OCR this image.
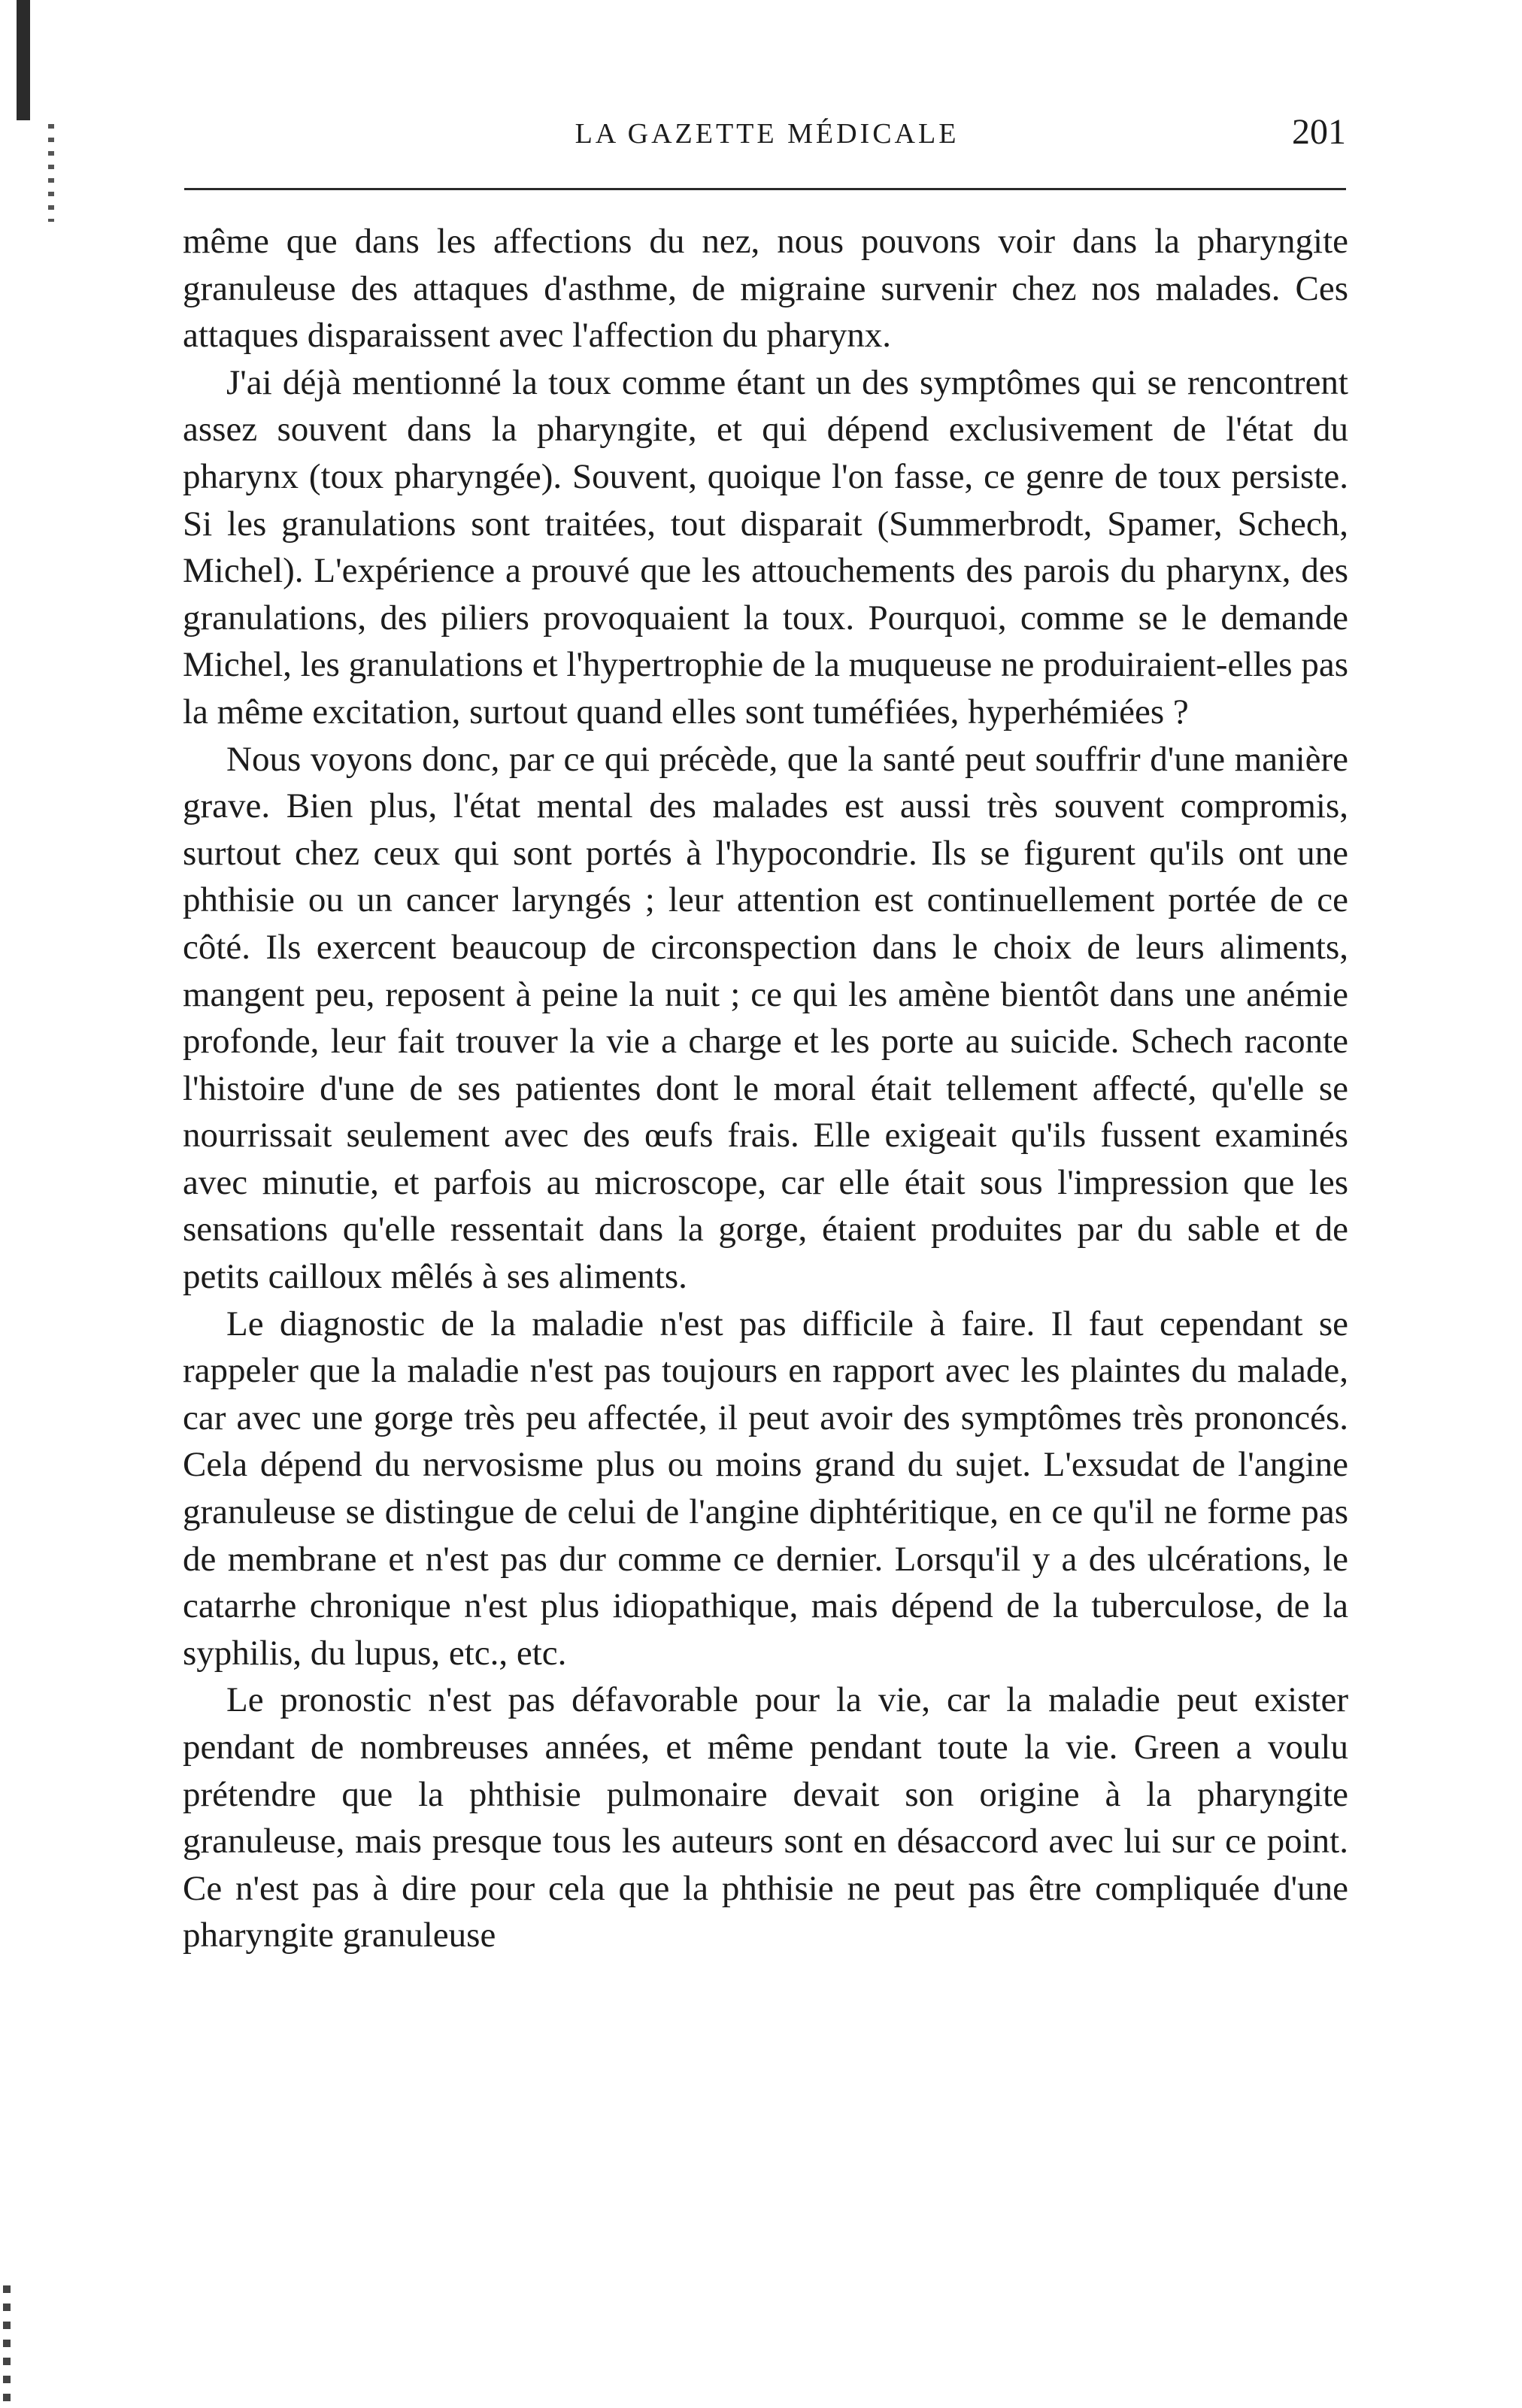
LA GAZETTE MÉDICALE	201

même que dans les affections du nez, nous pouvons voir dans la pharyngite granuleuse des attaques d'asthme, de migraine survenir chez nos malades. Ces attaques disparaissent avec l'affection du pharynx.

J'ai déjà mentionné la toux comme étant un des symptômes qui se rencontrent assez souvent dans la pharyngite, et qui dépend exclusivement de l'état du pharynx (toux pharyngée). Souvent, quoique l'on fasse, ce genre de toux persiste. Si les granulations sont traitées, tout disparait (Summerbrodt, Spamer, Schech, Michel). L'expérience a prouvé que les attouchements des parois du pharynx, des granulations, des piliers provoquaient la toux. Pourquoi, comme se le demande Michel, les granulations et l'hypertrophie de la muqueuse ne produiraient-elles pas la même excitation, surtout quand elles sont tuméfiées, hyperhémiées ?

Nous voyons donc, par ce qui précède, que la santé peut souffrir d'une manière grave. Bien plus, l'état mental des malades est aussi très souvent compromis, surtout chez ceux qui sont portés à l'hypocondrie. Ils se figurent qu'ils ont une phthisie ou un cancer laryngés ; leur attention est continuellement portée de ce côté. Ils exercent beaucoup de circonspection dans le choix de leurs aliments, mangent peu, reposent à peine la nuit ; ce qui les amène bientôt dans une anémie profonde, leur fait trouver la vie a charge et les porte au suicide. Schech raconte l'histoire d'une de ses patientes dont le moral était tellement affecté, qu'elle se nourrissait seulement avec des œufs frais. Elle exigeait qu'ils fussent examinés avec minutie, et parfois au microscope, car elle était sous l'impression que les sensations qu'elle ressentait dans la gorge, étaient produites par du sable et de petits cailloux mêlés à ses aliments.

Le diagnostic de la maladie n'est pas difficile à faire. Il faut cependant se rappeler que la maladie n'est pas toujours en rapport avec les plaintes du malade, car avec une gorge très peu affectée, il peut avoir des symptômes très prononcés. Cela dépend du nervosisme plus ou moins grand du sujet. L'exsudat de l'angine granuleuse se distingue de celui de l'angine diphtéritique, en ce qu'il ne forme pas de membrane et n'est pas dur comme ce dernier. Lorsqu'il y a des ulcérations, le catarrhe chronique n'est plus idiopathique, mais dépend de la tuberculose, de la syphilis, du lupus, etc., etc.

Le pronostic n'est pas défavorable pour la vie, car la maladie peut exister pendant de nombreuses années, et même pendant toute la vie. Green a voulu prétendre que la phthisie pulmonaire devait son origine à la pharyngite granuleuse, mais presque tous les auteurs sont en désaccord avec lui sur ce point. Ce n'est pas à dire pour cela que la phthisie ne peut pas être compliquée d'une pharyngite granuleuse
